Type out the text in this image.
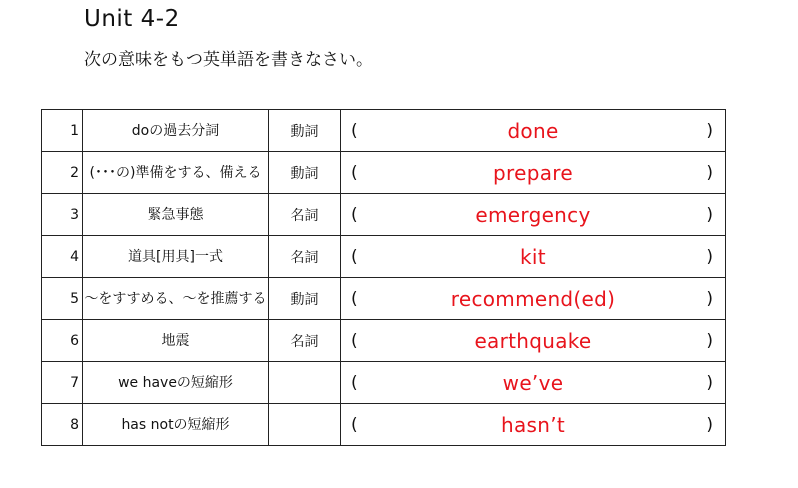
Unit 4-2
次の意味をもつ英単語を書きなさい。
1	doの過去分詞	動詞	( done )

2	(･･･の)準備をする、備える	動詞	( prepare )

3	緊急事態	名詞	( emergency )

4	道具[用具]一式	名詞	( kit )

5	～をすすめる、～を推薦する	動詞	( recommend(ed) )

6	地震	名詞	( earthquake )

7	we haveの短縮形		( we’ve )

8	has notの短縮形		( hasn’t )
